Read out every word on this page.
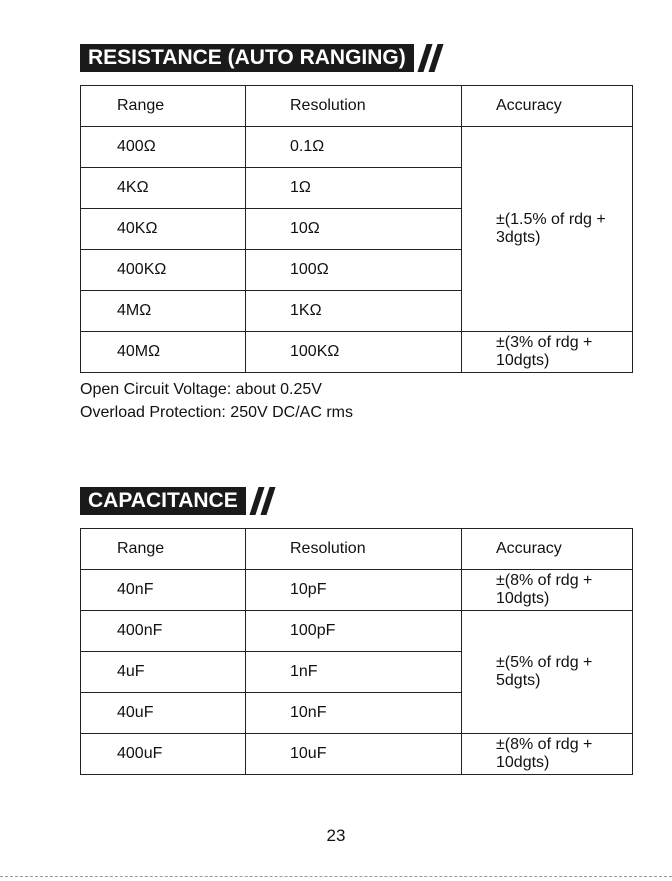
RESISTANCE (AUTO RANGING)
Range	Resolution	Accuracy
400Ω	0.1Ω	±(1.5% of rdg + 3dgts)
4KΩ	1Ω	
40KΩ	10Ω	
400KΩ	100Ω	
4MΩ	1KΩ	
40MΩ	100KΩ	±(3% of rdg + 10dgts)
Open Circuit Voltage: about 0.25V
Overload Protection: 250V DC/AC rms
CAPACITANCE
Range	Resolution	Accuracy
40nF	10pF	±(8% of rdg + 10dgts)
400nF	100pF	±(5% of rdg + 5dgts)
4uF	1nF	
40uF	10nF	
400uF	10uF	±(8% of rdg + 10dgts)
23
